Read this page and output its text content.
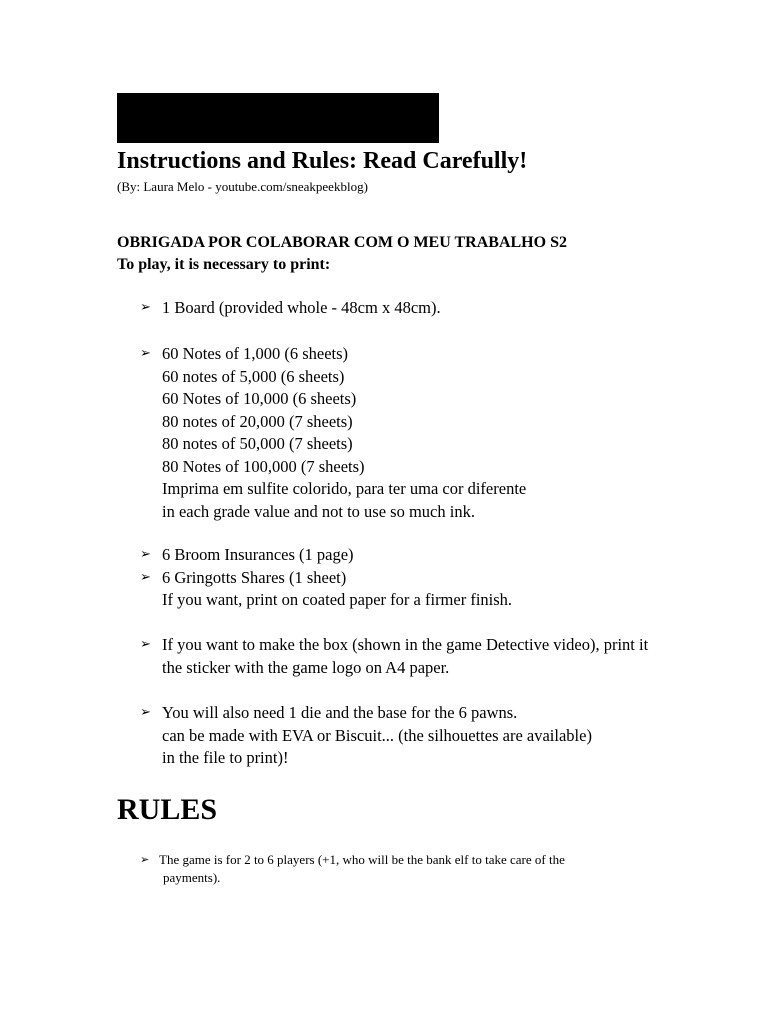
Instructions and Rules: Read Carefully!
(By: Laura Melo - youtube.com/sneakpeekblog)
OBRIGADA POR COLABORAR COM O MEU TRABALHO S2
To play, it is necessary to print:
➢ 1 Board (provided whole - 48cm x 48cm).
➢ 60 Notes of 1,000 (6 sheets)
60 notes of 5,000 (6 sheets)
60 Notes of 10,000 (6 sheets)
80 notes of 20,000 (7 sheets)
80 notes of 50,000 (7 sheets)
80 Notes of 100,000 (7 sheets)
Imprima em sulfite colorido, para ter uma cor diferente
in each grade value and not to use so much ink.
➢ 6 Broom Insurances (1 page)
➢ 6 Gringotts Shares (1 sheet)
If you want, print on coated paper for a firmer finish.
➢ If you want to make the box (shown in the game Detective video), print it
the sticker with the game logo on A4 paper.
➢ You will also need 1 die and the base for the 6 pawns.
can be made with EVA or Biscuit... (the silhouettes are available)
in the file to print)!
RULES
➢ The game is for 2 to 6 players (+1, who will be the bank elf to take care of the
payments).
